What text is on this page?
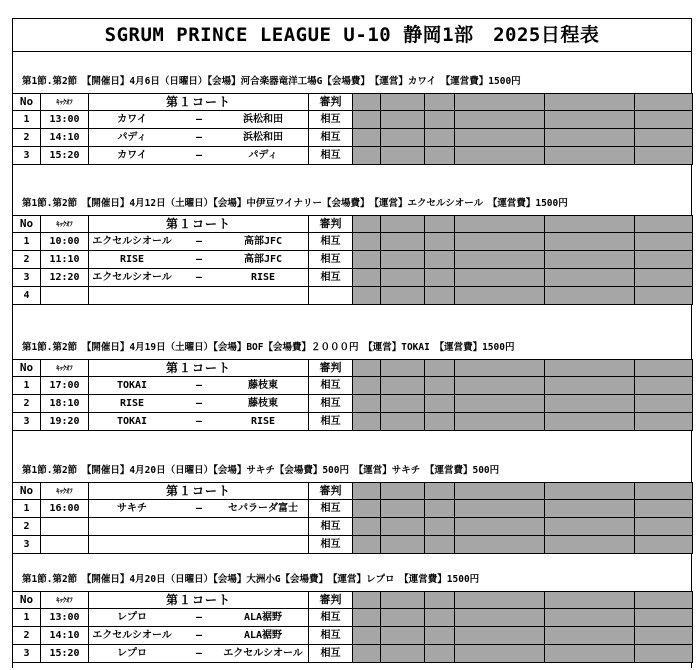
SGRUM PRINCE LEAGUE U-10 静岡1部　2025日程表
第1節.第2節　【開催日】4月6日（日曜日）【会場】河合楽器竜洋工場G【会場費】　【運営】カワイ　【運営費】1500円
No	ｷｯｸｵﾌ	第１コート	審判						
1	13:00	カワイ — 浜松和田	相互						
2	14:10	パディ — 浜松和田	相互						
3	15:20	カワイ — パディ	相互						
第1節.第2節　【開催日】4月12日（土曜日）【会場】中伊豆ワイナリー【会場費】　【運営】エクセルシオール　【運営費】1500円
No	ｷｯｸｵﾌ	第１コート	審判						
1	10:00	エクセルシオール — 高部JFC	相互						
2	11:10	RISE — 高部JFC	相互						
3	12:20	エクセルシオール — RISE	相互						
4		

第1節.第2節　【開催日】4月19日（土曜日）【会場】BOF【会場費】２０００円　【運営】TOKAI　【運営費】1500円
No	ｷｯｸｵﾌ	第１コート	審判						
1	17:00	TOKAI — 藤枝東	相互						
2	18:10	RISE — 藤枝東	相互						
3	19:20	TOKAI — RISE	相互						
第1節.第2節　【開催日】4月20日（日曜日）【会場】サキチ【会場費】500円　【運営】サキチ　【運営費】500円
No	ｷｯｸｵﾌ	第１コート	審判						
1	16:00	サキチ — セパラーダ富士	相互						
2			相互						
3			相互						
第1節.第2節　【開催日】4月20日（日曜日）【会場】大洲小G【会場費】　【運営】レプロ　【運営費】1500円
No	ｷｯｸｵﾌ	第１コート	審判						
1	13:00	レプロ — ALA裾野	相互						
2	14:10	エクセルシオール — ALA裾野	相互						
3	15:20	レプロ — エクセルシオール	相互						
